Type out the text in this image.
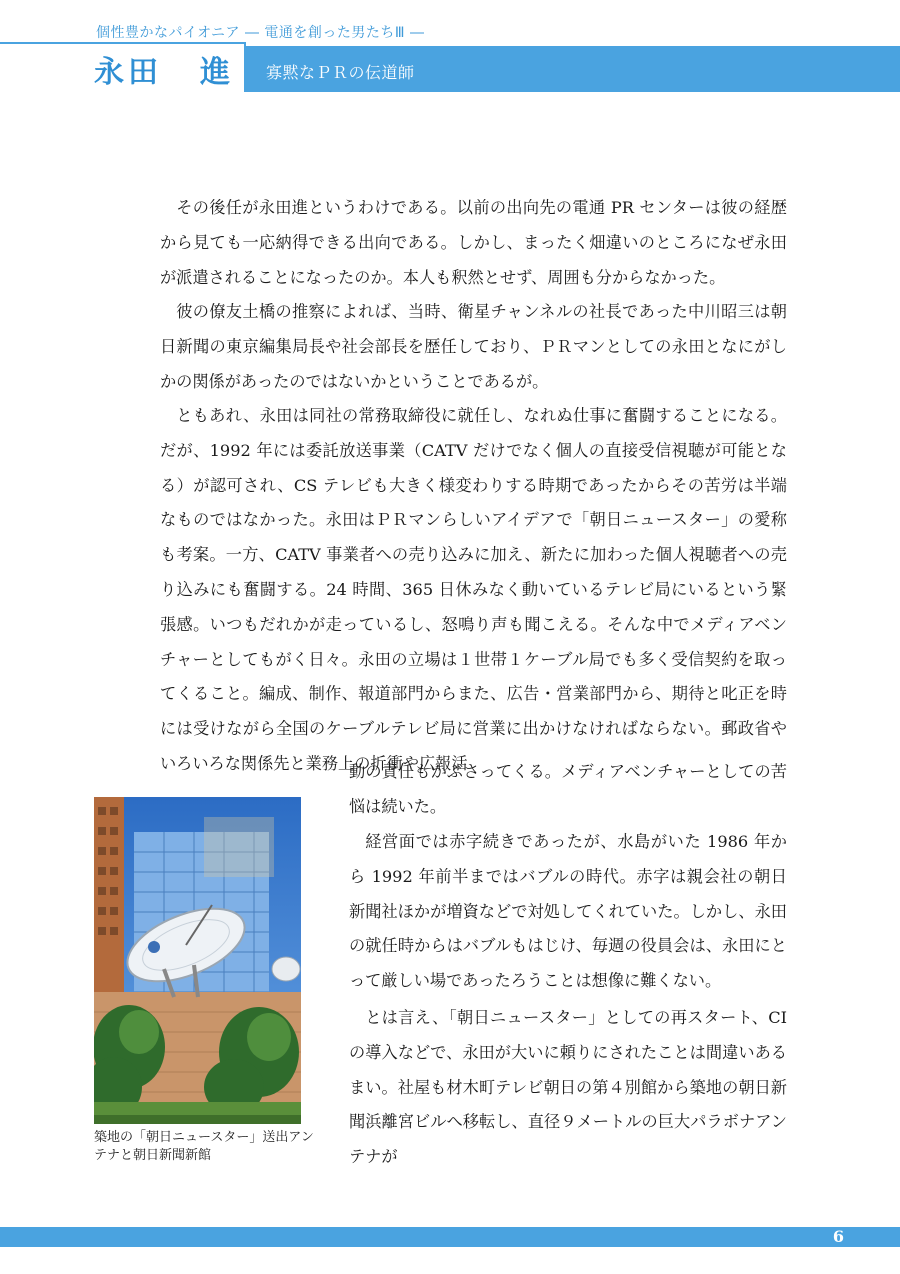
個性豊かなパイオニア ― 電通を創った男たちⅢ ―
永田 進 寡黙なＰＲの伝道師

その後任が永田進というわけである。以前の出向先の電通 PR センターは彼の経歴から見ても一応納得できる出向である。しかし、まったく畑違いのところになぜ永田が派遣されることになったのか。本人も釈然とせず、周囲も分からなかった。

彼の僚友土橋の推察によれば、当時、衛星チャンネルの社長であった中川昭三は朝日新聞の東京編集局長や社会部長を歴任しており、ＰＲマンとしての永田となにがしかの関係があったのではないかということであるが。

ともあれ、永田は同社の常務取締役に就任し、なれぬ仕事に奮闘することになる。だが、1992 年には委託放送事業（CATV だけでなく個人の直接受信視聴が可能となる）が認可され、CS テレビも大きく様変わりする時期であったからその苦労は半端なものではなかった。永田はＰＲマンらしいアイデアで「朝日ニュースター」の愛称も考案。一方、CATV 事業者への売り込みに加え、新たに加わった個人視聴者への売り込みにも奮闘する。24 時間、365 日休みなく動いているテレビ局にいるという緊張感。いつもだれかが走っているし、怒鳴り声も聞こえる。そんな中でメディアベンチャーとしてもがく日々。永田の立場は１世帯１ケーブル局でも多く受信契約を取ってくること。編成、制作、報道部門からまた、広告・営業部門から、期待と叱正を時には受けながら全国のケーブルテレビ局に営業に出かけなければならない。郵政省やいろいろな関係先と業務上の折衝や広報活

動の責任もかぶさってくる。メディアベンチャーとしての苦悩は続いた。

経営面では赤字続きであったが、水島がいた 1986 年から 1992 年前半まではバブルの時代。赤字は親会社の朝日新聞社ほかが増資などで対処してくれていた。しかし、永田の就任時からはバブルもはじけ、毎週の役員会は、永田にとって厳しい場であったろうことは想像に難くない。

とは言え、「朝日ニュースター」としての再スタート、CI の導入などで、永田が大いに頼りにされたことは間違いあるまい。社屋も材木町テレビ朝日の第４別館から築地の朝日新聞浜離宮ビルへ移転し、直径９メートルの巨大パラボナアンテナが

築地の「朝日ニュースター」送出アンテナと朝日新聞新館
6
